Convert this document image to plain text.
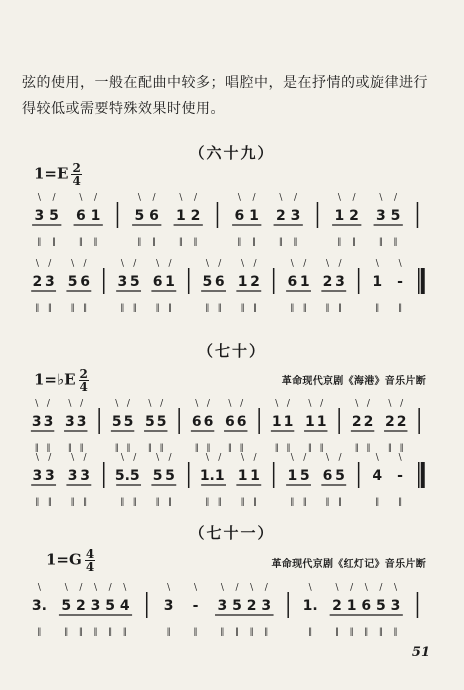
弦的使用，一般在配曲中较多；唱腔中，是在抒情的或旋律进行
得较低或需要特殊效果时使用。
（六十九）
$1=E \frac{2}{4}$
\
3
‖
/
5
‖
\
6
‖
/
1
‖
\
5
‖
/
6
‖
\
1
‖
/
2
‖
\
6
‖
/
1
‖
\
2
‖
/
3
‖
\
1
‖
/
2
‖
\
3
‖
/
5
‖
\
2
‖
/
3
‖
\
5
‖
/
6
‖
\
3
‖
/
5
‖
\
6
‖
/
1
‖
\
5
‖
/
6
‖
\
1
‖
/
2
‖
\
6
‖
/
1
‖
\
2
‖
/
3
‖
\
1
‖
\
-
‖
（七十）
1=♭E $\frac{2}{4}$	革命现代京剧《海港》音乐片断
\
3
‖
/
3
‖
\
3
‖
/
3
‖
\
5
‖
/
5
‖
\
5
‖
/
5
‖
\
6
‖
/
6
‖
\
6
‖
/
6
‖
\
1
‖
/
1
‖
\
1
‖
/
1
‖
\
2
‖
/
2
‖
\
2
‖
/
2
‖
\
3
‖
/
3
‖
\
3
‖
/
3
‖
\
5.
‖
/
5
‖
\
5
‖
/
5
‖
\
1.
‖
/
1
‖
\
1
‖
/
1
‖
\
1
‖
/
5
‖
\
6
‖
/
5
‖
\
4
‖
\
-
‖
（七十一）
$1=G \frac{4}{4}$	革命现代京剧《红灯记》音乐片断
\
3.
‖
\
5
‖
/
2
‖
\
3
‖
/
5
‖
\
4
‖
\
3
‖
\
-
‖
\
3
‖
/
5
‖
\
2
‖
/
3
‖
\
1.
‖
\
2
‖
/
1
‖
\
6
‖
/
5
‖
\
3
‖
51
